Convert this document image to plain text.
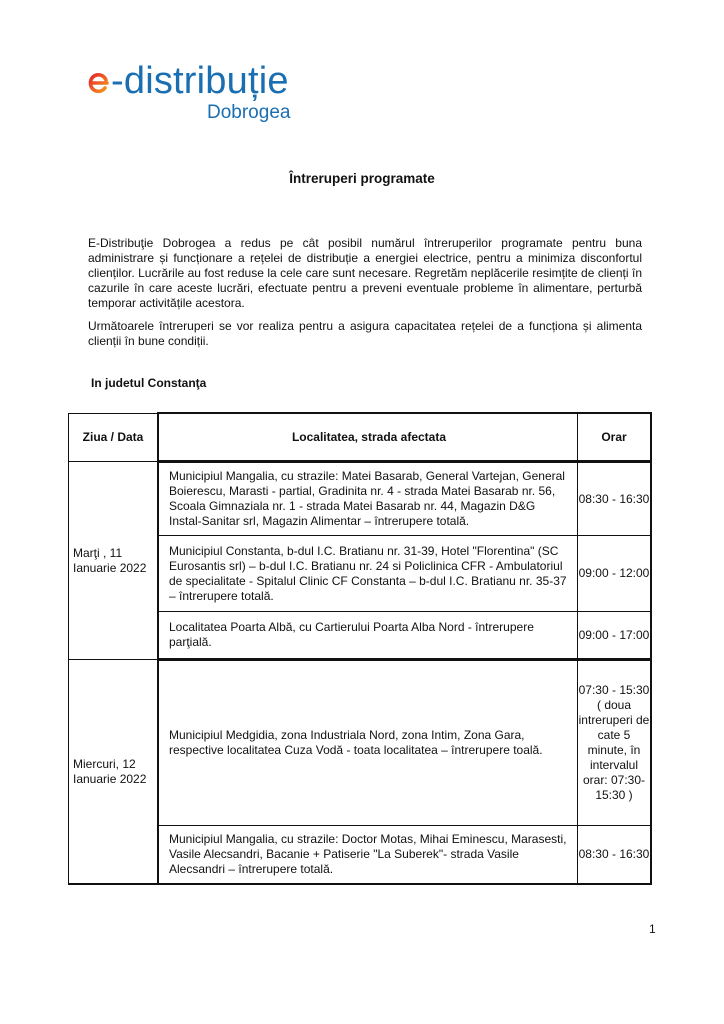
-distribuție
Dobrogea
Întreruperi programate
E-Distribuţie Dobrogea a redus pe cât posibil numărul întreruperilor programate pentru buna administrare și funcționare a rețelei de distribuție a energiei electrice, pentru a minimiza disconfortul clienților. Lucrările au fost reduse la cele care sunt necesare. Regretăm neplăcerile resimțite de clienți în cazurile în care aceste lucrări, efectuate pentru a preveni eventuale probleme în alimentare, perturbă temporar activitățile acestora.
Următoarele întreruperi se vor realiza pentru a asigura capacitatea rețelei de a funcționa și alimenta clienții în bune condiții.
In judetul Constanţa
Ziua / Data	Localitatea, strada afectata	Orar
Marţi , 11 Ianuarie 2022	Municipiul Mangalia, cu strazile: Matei Basarab, General Vartejan, General Boierescu, Marasti - partial, Gradinita nr. 4 - strada Matei Basarab nr. 56, Scoala Gimnaziala nr. 1 - strada Matei Basarab nr. 44, Magazin D&G Instal-Sanitar srl, Magazin Alimentar – întrerupere totală.	08:30 - 16:30
	Municipiul Constanta, b-dul I.C. Bratianu nr. 31-39, Hotel "Florentina" (SC Eurosantis srl) – b-dul I.C. Bratianu nr. 24 si Policlinica CFR - Ambulatoriul de specialitate - Spitalul Clinic CF Constanta – b-dul I.C. Bratianu nr. 35-37 – întrerupere totală.	09:00 - 12:00
	Localitatea Poarta Albă, cu Cartierului Poarta Alba Nord - întrerupere parţială.	09:00 - 17:00
Miercuri, 12 Ianuarie 2022	Municipiul Medgidia, zona Industriala Nord, zona Intim, Zona Gara, respective localitatea Cuza Vodă - toata localitatea – întrerupere toală.	07:30 - 15:30 ( doua intreruperi de cate 5 minute, în intervalul orar: 07:30- 15:30 )
	Municipiul Mangalia, cu strazile: Doctor Motas, Mihai Eminescu, Marasesti, Vasile Alecsandri, Bacanie + Patiserie "La Suberek"- strada Vasile Alecsandri – întrerupere totală.	08:30 - 16:30
1
